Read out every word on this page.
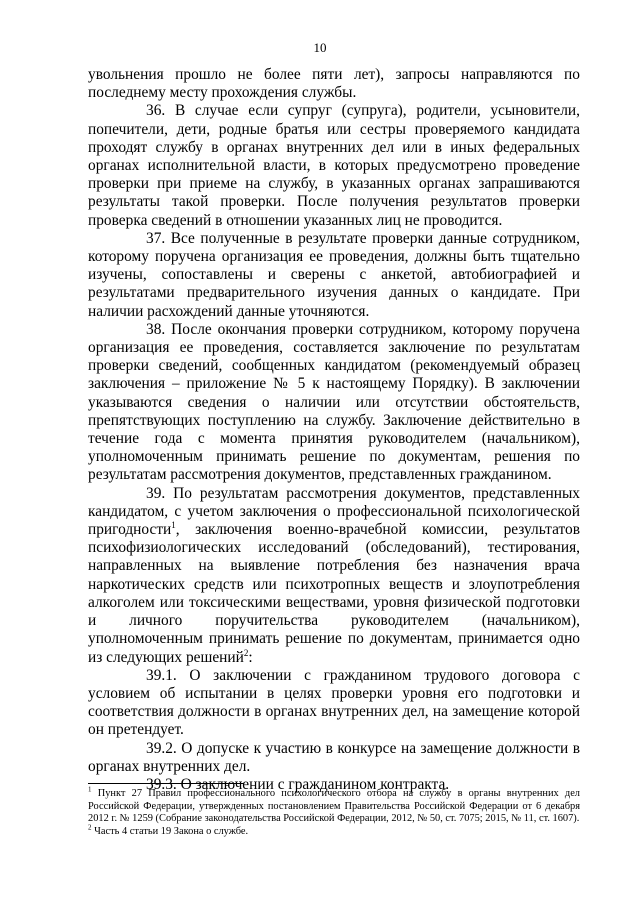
10

увольнения прошло не более пяти лет), запросы направляются по последнему месту прохождения службы.

36. В случае если супруг (супруга), родители, усыновители, попечители, дети, родные братья или сестры проверяемого кандидата проходят службу в органах внутренних дел или в иных федеральных органах исполнительной власти, в которых предусмотрено проведение проверки при приеме на службу, в указанных органах запрашиваются результаты такой проверки. После получения результатов проверки проверка сведений в отношении указанных лиц не проводится.

37. Все полученные в результате проверки данные сотрудником, которому поручена организация ее проведения, должны быть тщательно изучены, сопоставлены и сверены с анкетой, автобиографией и результатами предварительного изучения данных о кандидате. При наличии расхождений данные уточняются.

38. После окончания проверки сотрудником, которому поручена организация ее проведения, составляется заключение по результатам проверки сведений, сообщенных кандидатом (рекомендуемый образец заключения – приложение № 5 к настоящему Порядку). В заключении указываются сведения о наличии или отсутствии обстоятельств, препятствующих поступлению на службу. Заключение действительно в течение года с момента принятия руководителем (начальником), уполномоченным принимать решение по документам, решения по результатам рассмотрения документов, представленных гражданином.

39. По результатам рассмотрения документов, представленных кандидатом, с учетом заключения о профессиональной психологической пригодности$^1$, заключения военно-врачебной комиссии, результатов психофизиологических исследований (обследований), тестирования, направленных на выявление потребления без назначения врача наркотических средств или психотропных веществ и злоупотребления алкоголем или токсическими веществами, уровня физической подготовки и личного поручительства руководителем (начальником), уполномоченным принимать решение по документам, принимается одно из следующих решений$^2$:

39.1. О заключении с гражданином трудового договора с условием об испытании в целях проверки уровня его подготовки и соответствия должности в органах внутренних дел, на замещение которой он претендует.

39.2. О допуске к участию в конкурсе на замещение должности в органах внутренних дел.

39.3. О заключении с гражданином контракта.

$^1$ Пункт 27 Правил профессионального психологического отбора на службу в органы внутренних дел Российской Федерации, утвержденных постановлением Правительства Российской Федерации от 6 декабря 2012 г. № 1259 (Собрание законодательства Российской Федерации, 2012, № 50, ст. 7075; 2015, № 11, ст. 1607).

$^2$ Часть 4 статьи 19 Закона о службе.
